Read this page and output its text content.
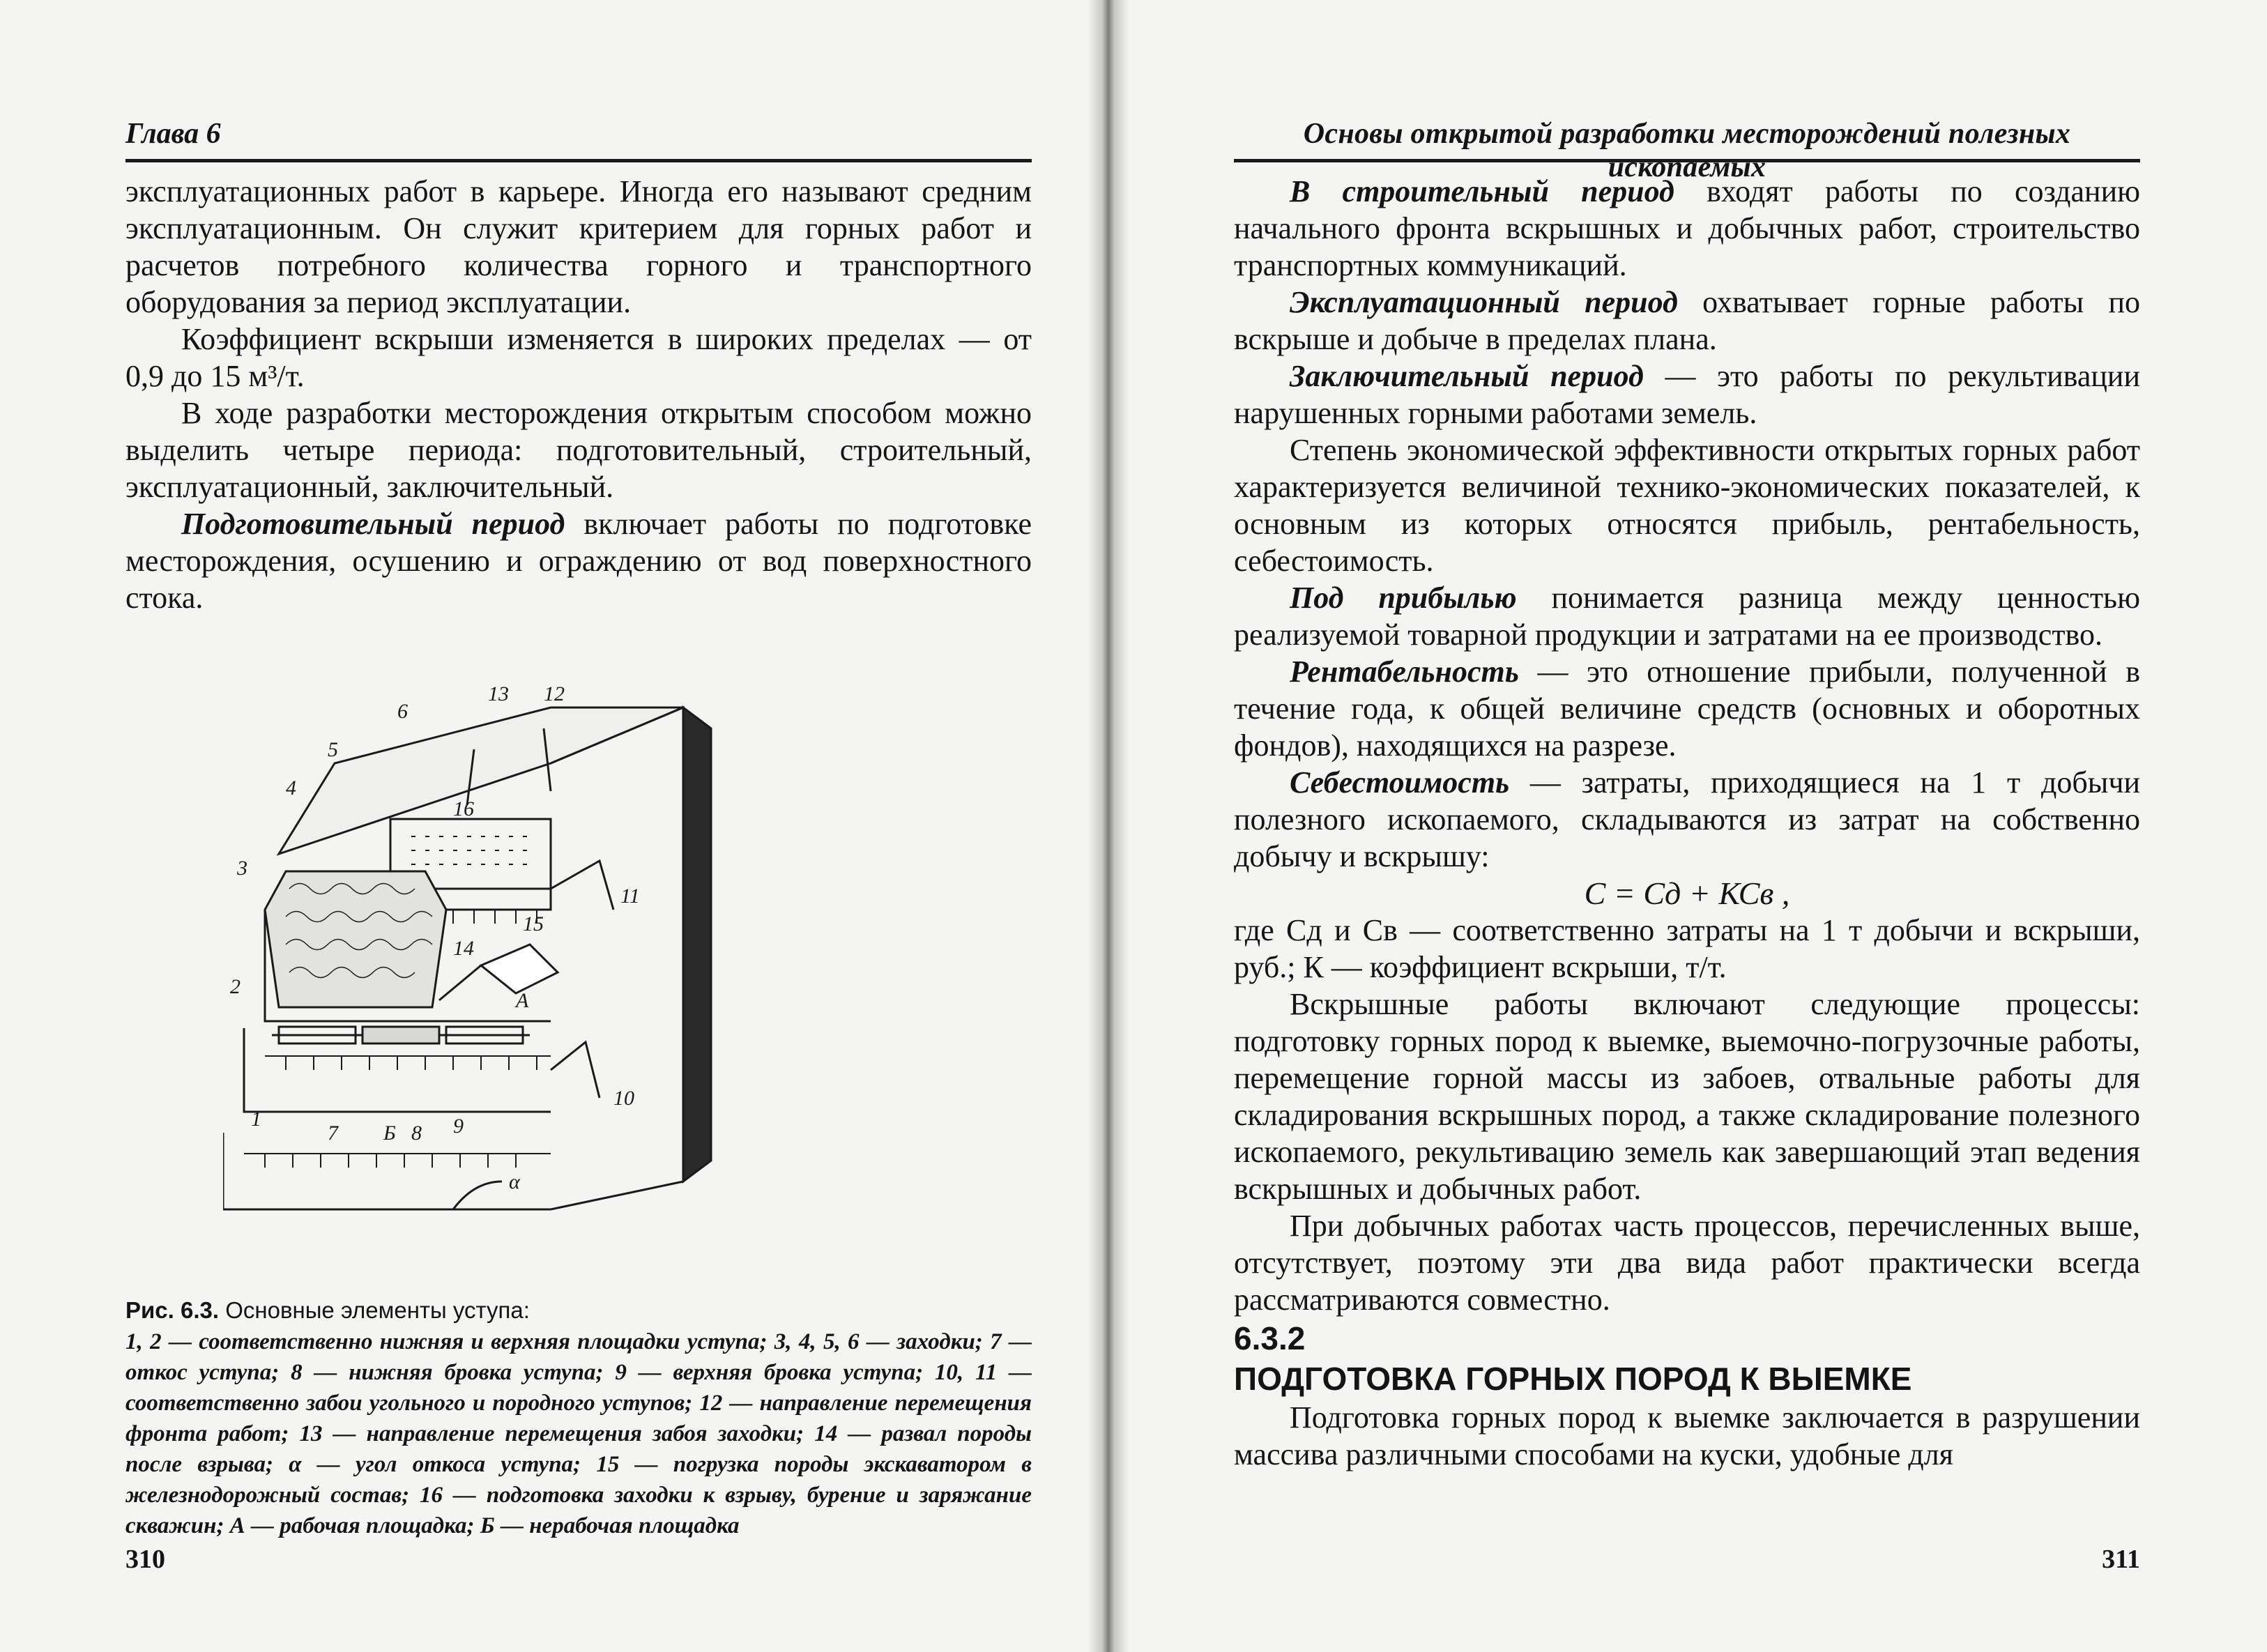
Глава 6

эксплуатационных работ в карьере. Иногда его называют средним эксплуатационным. Он служит критерием для горных работ и расчетов потребного количества горного и транспортного оборудования за период эксплуатации.

Коэффициент вскрыши изменяется в широких пределах — от 0,9 до 15 м³/т.

В ходе разработки месторождения открытым способом можно выделить четыре периода: подготовительный, строительный, эксплуатационный, заключительный.

Подготовительный период включает работы по подготовке месторождения, осушению и ограждению от вод поверхностного стока.

1
2
3
4
5
6
7	8 9
10
11
12
13
14
15
16
А
Б
α
Рис. 6.3. Основные элементы уступа:
1, 2 — соответственно нижняя и верхняя площадки уступа; 3, 4, 5, 6 — заходки; 7 — откос уступа; 8 — нижняя бровка уступа; 9 — верхняя бровка уступа; 10, 11 — соответственно забои угольного и породного уступов; 12 — направление перемещения фронта работ; 13 — направление перемещения забоя заходки; 14 — развал породы после взрыва; α — угол откоса уступа; 15 — погрузка породы экскаватором в железнодорожный состав; 16 — подготовка заходки к взрыву, бурение и заряжание скважин; А — рабочая площадка; Б — нерабочая площадка
310
Основы открытой разработки месторождений полезных ископаемых

В строительный период входят работы по созданию начального фронта вскрышных и добычных работ, строительство транспортных коммуникаций.

Эксплуатационный период охватывает горные работы по вскрыше и добыче в пределах плана.

Заключительный период — это работы по рекультивации нарушенных горными работами земель.

Степень экономической эффективности открытых горных работ характеризуется величиной технико-экономических показателей, к основным из которых относятся прибыль, рентабельность, себестоимость.

Под прибылью понимается разница между ценностью реализуемой товарной продукции и затратами на ее производство.

Рентабельность — это отношение прибыли, полученной в течение года, к общей величине средств (основных и оборотных фондов), находящихся на разрезе.

Себестоимость — затраты, приходящиеся на 1 т добычи полезного ископаемого, складываются из затрат на собственно добычу и вскрышу:

С = Сд + КСв ,

где Сд и Св — соответственно затраты на 1 т добычи и вскрыши, руб.; К — коэффициент вскрыши, т/т.

Вскрышные работы включают следующие процессы: подготовку горных пород к выемке, выемочно-погрузочные работы, перемещение горной массы из забоев, отвальные работы для складирования вскрышных пород, а также складирование полезного ископаемого, рекультивацию земель как завершающий этап ведения вскрышных и добычных работ.

При добычных работах часть процессов, перечисленных выше, отсутствует, поэтому эти два вида работ практически всегда рассматриваются совместно.

6.3.2

ПОДГОТОВКА ГОРНЫХ ПОРОД К ВЫЕМКЕ

Подготовка горных пород к выемке заключается в разрушении массива различными способами на куски, удобные для

311
